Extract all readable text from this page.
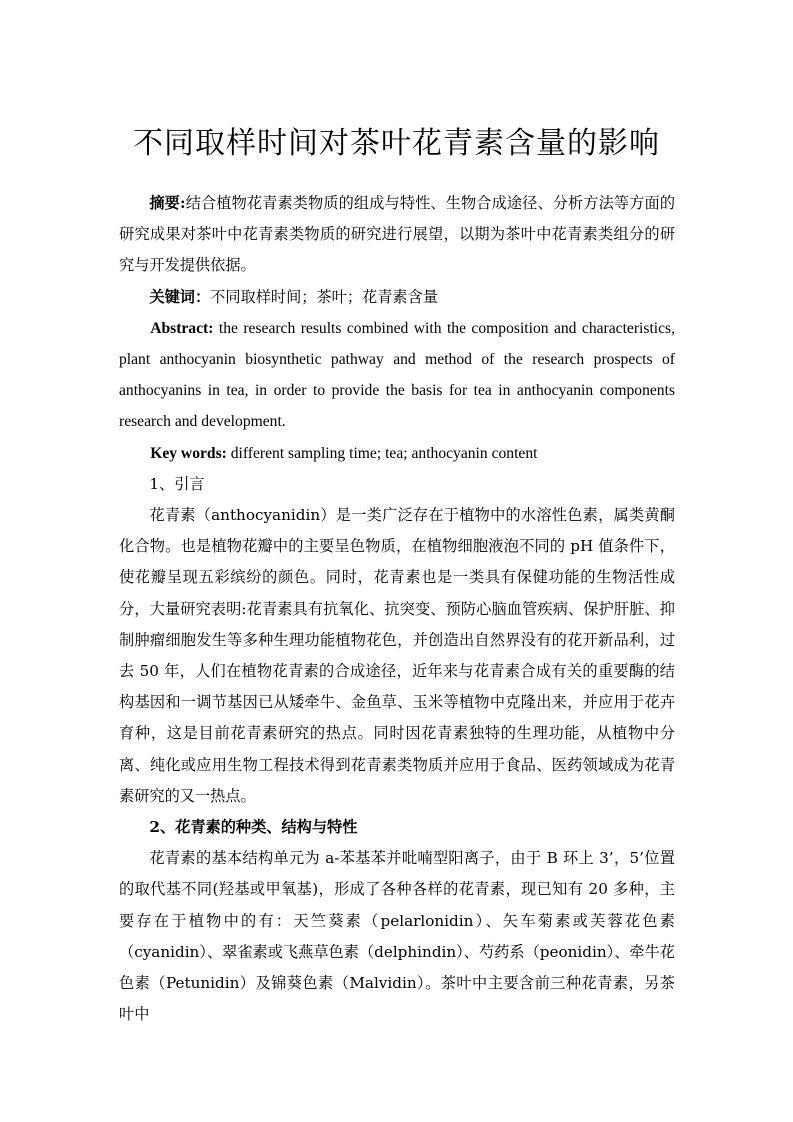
不同取样时间对茶叶花青素含量的影响

摘要:结合植物花青素类物质的组成与特性、生物合成途径、分析方法等方面的研究成果对茶叶中花青素类物质的研究进行展望，以期为茶叶中花青素类组分的研究与开发提供依据。

关键词：不同取样时间；茶叶；花青素含量

Abstract: the research results combined with the composition and characteristics, plant anthocyanin biosynthetic pathway and method of the research prospects of anthocyanins in tea, in order to provide the basis for tea in anthocyanin components research and development.

Key words: different sampling time; tea; anthocyanin content

1、引言

花青素（anthocyanidin）是一类广泛存在于植物中的水溶性色素，属类黄酮化合物。也是植物花瓣中的主要呈色物质，在植物细胞液泡不同的 pH 值条件下，使花瓣呈现五彩缤纷的颜色。同时，花青素也是一类具有保健功能的生物活性成分，大量研究表明:花青素具有抗氧化、抗突变、预防心脑血管疾病、保护肝脏、抑制肿瘤细胞发生等多种生理功能植物花色，并创造出自然界没有的花开新品利，过去 50 年，人们在植物花青素的合成途径，近年来与花青素合成有关的重要酶的结构基因和一调节基因已从矮牵牛、金鱼草、玉米等植物中克隆出来，并应用于花卉育种，这是目前花青素研究的热点。同时因花青素独特的生理功能，从植物中分离、纯化或应用生物工程技术得到花青素类物质并应用于食品、医药领域成为花青素研究的又一热点。

2、花青素的种类、结构与特性

花青素的基本结构单元为 a-苯基苯并吡喃型阳离子，由于 B 环上 3’，5’位置的取代基不同(羟基或甲氧基)，形成了各种各样的花青素，现已知有 20 多种，主要存在于植物中的有：天竺葵素（pelarlonidin）、矢车菊素或芙蓉花色素（cyanidin）、翠雀素或飞燕草色素（delphindin）、芍药系（peonidin）、牵牛花色素（Petunidin）及锦葵色素（Malvidin）。茶叶中主要含前三种花青素，另茶叶中
